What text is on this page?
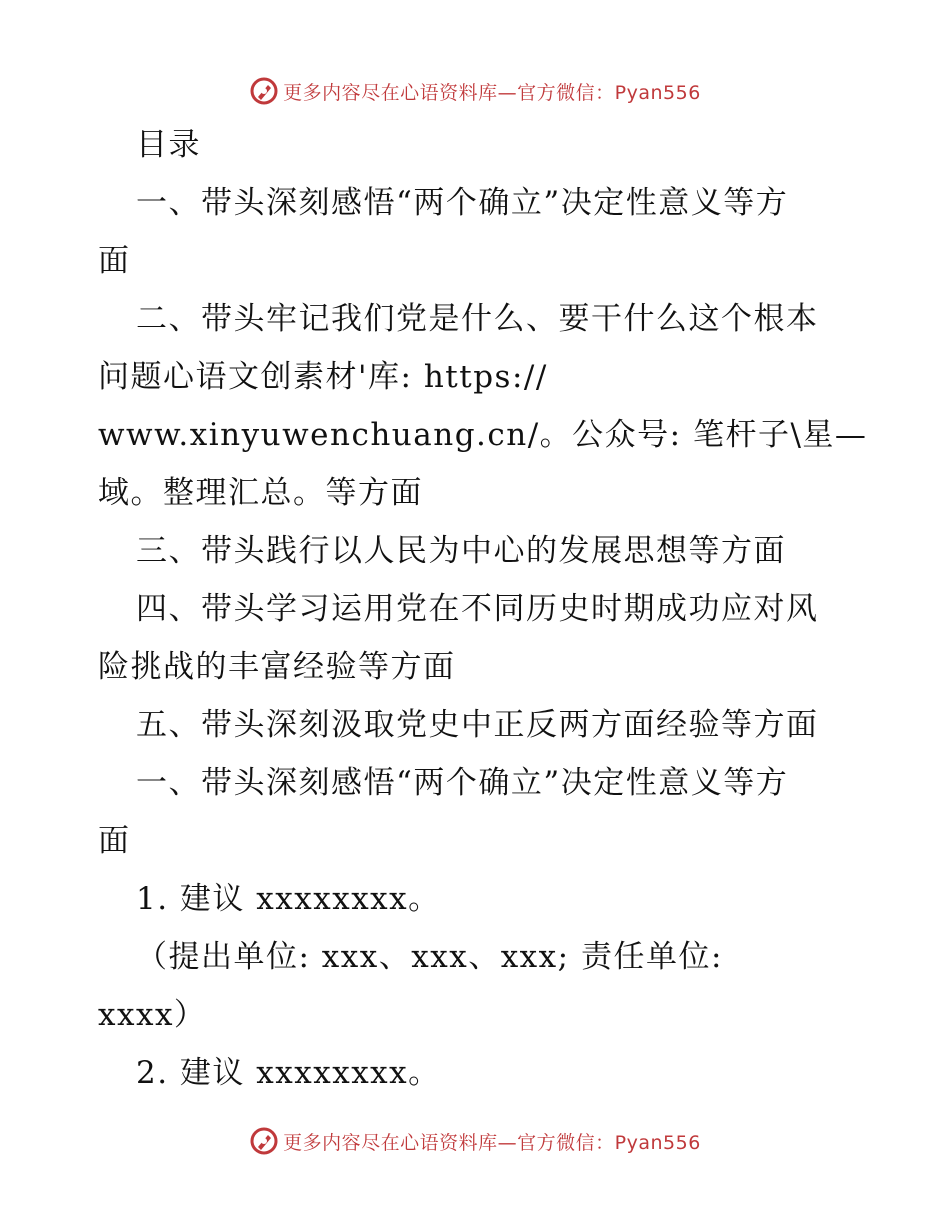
更多内容尽在心语资料库—官方微信：Pyan556
目录
一、带头深刻感悟“两个确立”决定性意义等方
面
二、带头牢记我们党是什么、要干什么这个根本
问题心语文创素材'库: https://
www.xinyuwenchuang.cn/。公众号: 笔杆子\星—
域。整理汇总。等方面
三、带头践行以人民为中心的发展思想等方面
四、带头学习运用党在不同历史时期成功应对风
险挑战的丰富经验等方面
五、带头深刻汲取党史中正反两方面经验等方面
一、带头深刻感悟“两个确立”决定性意义等方
面
1. 建议 xxxxxxxx。
（提出单位: xxx、xxx、xxx; 责任单位:
xxxx）
2. 建议 xxxxxxxx。
更多内容尽在心语资料库—官方微信：Pyan556
